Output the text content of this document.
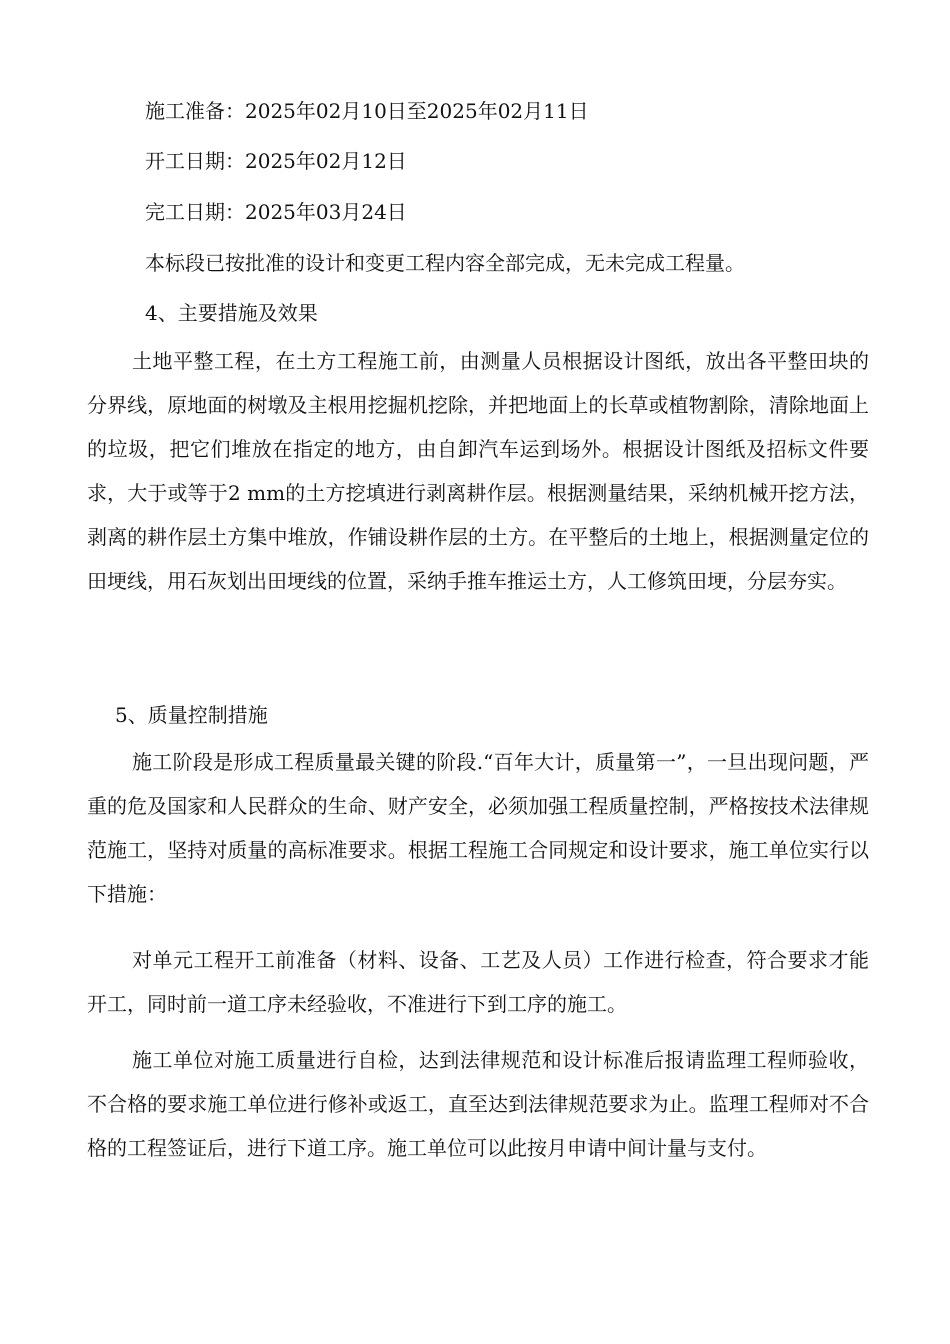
施工准备：2025年02月10日至2025年02月11日

开工日期：2025年02月12日

完工日期：2025年03月24日

本标段已按批准的设计和变更工程内容全部完成，无未完成工程量。

4、主要措施及效果

土地平整工程，在土方工程施工前，由测量人员根据设计图纸，放出各平整田块的分界线，原地面的树墩及主根用挖掘机挖除，并把地面上的长草或植物割除，清除地面上的垃圾，把它们堆放在指定的地方，由自卸汽车运到场外。根据设计图纸及招标文件要求，大于或等于2 mm的土方挖填进行剥离耕作层。根据测量结果，采纳机械开挖方法，剥离的耕作层土方集中堆放，作铺设耕作层的土方。在平整后的土地上，根据测量定位的田埂线，用石灰划出田埂线的位置，采纳手推车推运土方，人工修筑田埂，分层夯实。

5、质量控制措施

施工阶段是形成工程质量最关键的阶段.“百年大计，质量第一”，一旦出现问题，严重的危及国家和人民群众的生命、财产安全，必须加强工程质量控制，严格按技术法律规范施工，坚持对质量的高标准要求。根据工程施工合同规定和设计要求，施工单位实行以下措施：

对单元工程开工前准备（材料、设备、工艺及人员）工作进行检查，符合要求才能开工，同时前一道工序未经验收，不准进行下到工序的施工。

施工单位对施工质量进行自检，达到法律规范和设计标准后报请监理工程师验收，不合格的要求施工单位进行修补或返工，直至达到法律规范要求为止。监理工程师对不合格的工程签证后，进行下道工序。施工单位可以此按月申请中间计量与支付。
